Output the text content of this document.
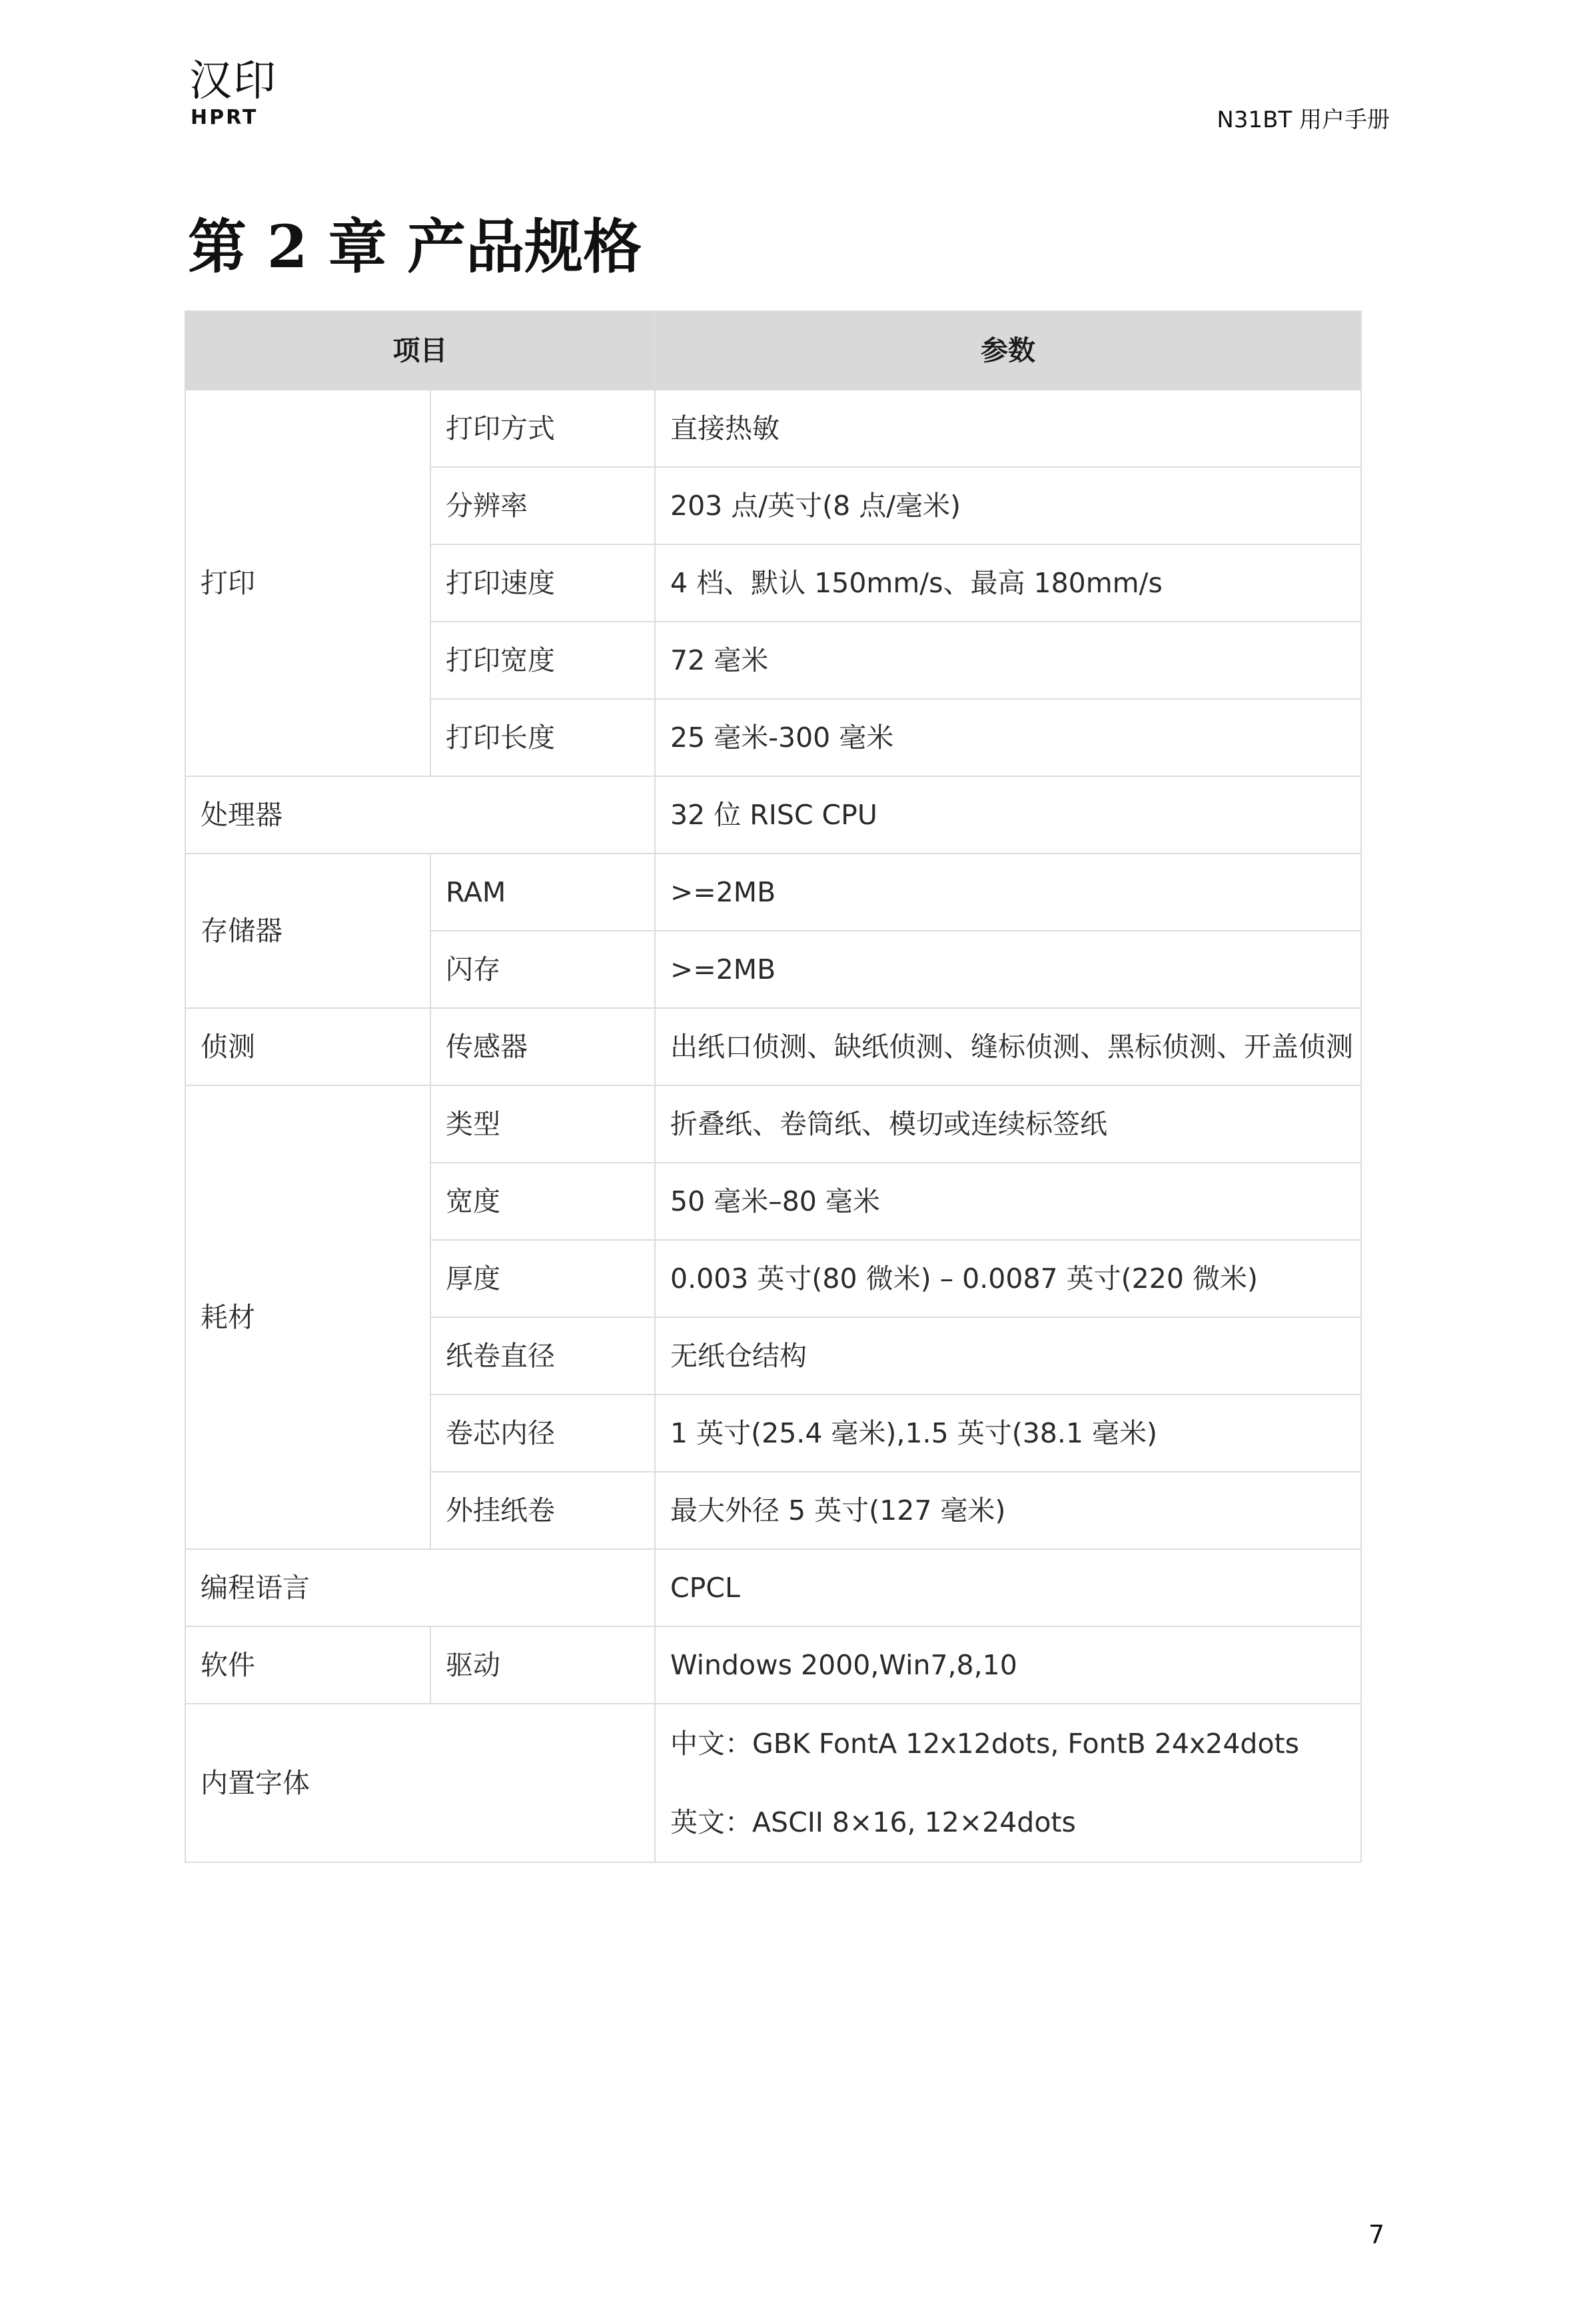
汉印
HPRT	N31BT 用户手册
第 2 章 产品规格
项目		参数
打印	打印方式	直接热敏
	分辨率	203 点/英寸(8 点/毫米)
	打印速度	4 档、默认 150mm/s、最高 180mm/s
	打印宽度	72 毫米
	打印长度	25 毫米-300 毫米
处理器		32 位 RISC CPU
存储器	RAM	>=2MB
	闪存	>=2MB
侦测	传感器	出纸口侦测、缺纸侦测、缝标侦测、黑标侦测、开盖侦测
耗材	类型	折叠纸、卷筒纸、模切或连续标签纸
	宽度	50 毫米–80 毫米
	厚度	0.003 英寸(80 微米) – 0.0087 英寸(220 微米)
	纸卷直径	无纸仓结构
	卷芯内径	1 英寸(25.4 毫米),1.5 英寸(38.1 毫米)
	外挂纸卷	最大外径 5 英寸(127 毫米)
编程语言		CPCL
软件	驱动	Windows 2000,Win7,8,10
内置字体		中文：GBK FontA 12x12dots, FontB 24x24dots
英文：ASCII 8×16, 12×24dots
7
